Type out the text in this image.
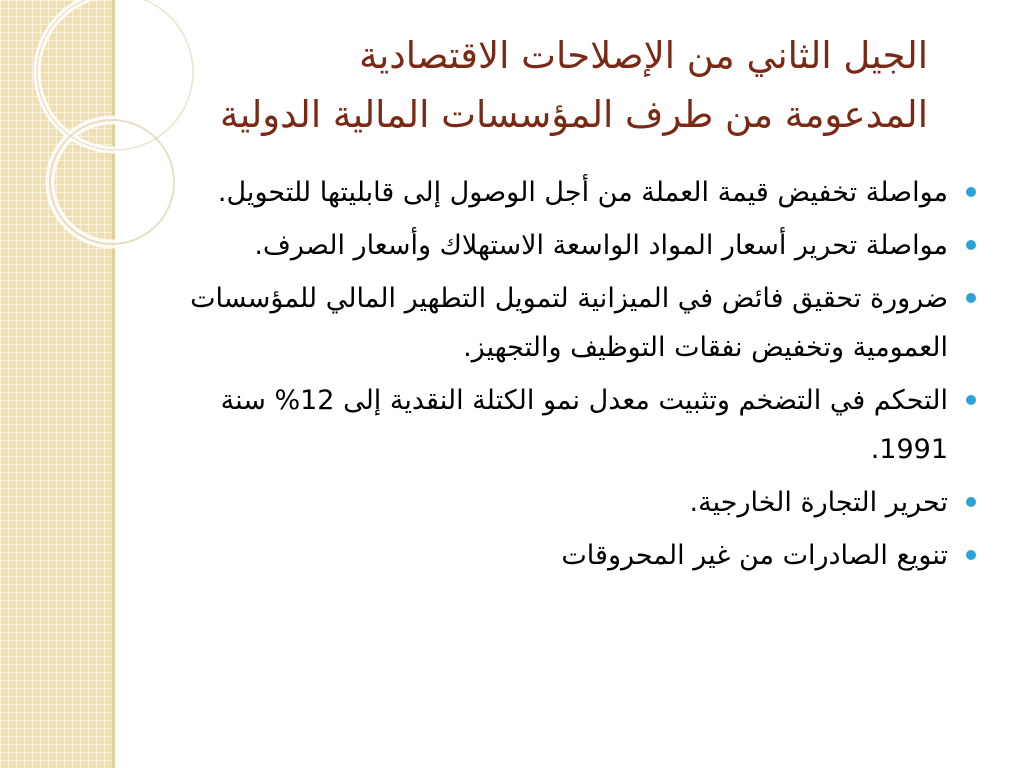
الجيل الثاني من الإصلاحات الاقتصادية
المدعومة من طرف المؤسسات المالية الدولية
مواصلة تخفيض قيمة العملة من أجل الوصول إلى قابليتها للتحويل.
مواصلة تحرير أسعار المواد الواسعة الاستهلاك وأسعار الصرف.
ضرورة تحقيق فائض في الميزانية لتمويل التطهير المالي للمؤسسات العمومية وتخفيض نفقات التوظيف والتجهيز.
التحكم في التضخم وتثبيت معدل نمو الكتلة النقدية إلى 12% سنة 1991.
تحرير التجارة الخارجية.
تنويع الصادرات من غير المحروقات
